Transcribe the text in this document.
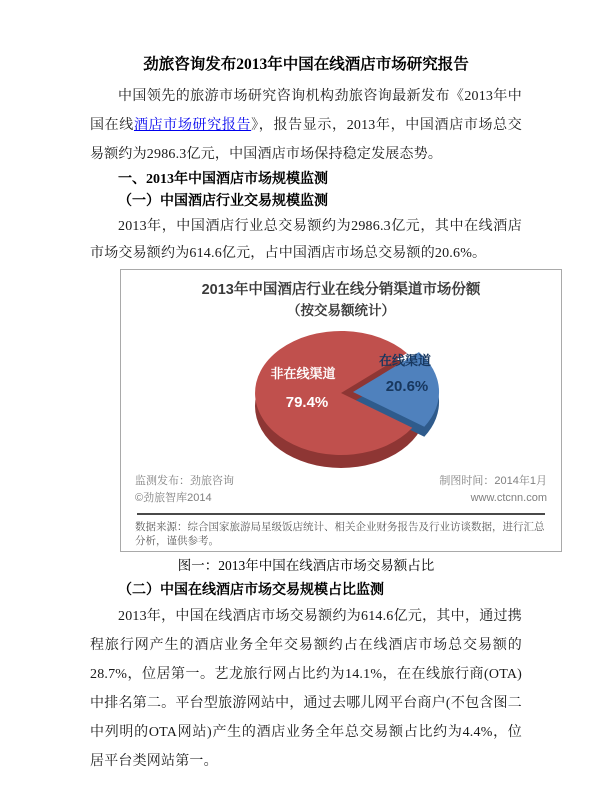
劲旅咨询发布2013年中国在线酒店市场研究报告

中国领先的旅游市场研究咨询机构劲旅咨询最新发布《2013年中国在线酒店市场研究报告》，报告显示，2013年，中国酒店市场总交易额约为2986.3亿元，中国酒店市场保持稳定发展态势。

一、2013年中国酒店市场规模监测
（一）中国酒店行业交易规模监测

2013年，中国酒店行业总交易额约为2986.3亿元，其中在线酒店市场交易额约为614.6亿元，占中国酒店市场总交易额的20.6%。

2013年中国酒店行业在线分销渠道市场份额

（按交易额统计）

非在线渠道
79.4%
在线渠道
20.6%
监测发布：劲旅咨询
©劲旅智库2014
制图时间：2014年1月
www.ctcnn.com

数据来源：综合国家旅游局星级饭店统计、相关企业财务报告及行业访谈数据，进行汇总分析，谨供参考。

图一：2013年中国在线酒店市场交易额占比

（二）中国在线酒店市场交易规模占比监测

2013年，中国在线酒店市场交易额约为614.6亿元，其中，通过携程旅行网产生的酒店业务全年交易额约占在线酒店市场总交易额的28.7%，位居第一。艺龙旅行网占比约为14.1%，在在线旅行商(OTA)中排名第二。平台型旅游网站中，通过去哪儿网平台商户(不包含图二中列明的OTA网站)产生的酒店业务全年总交易额占比约为4.4%，位居平台类网站第一。
